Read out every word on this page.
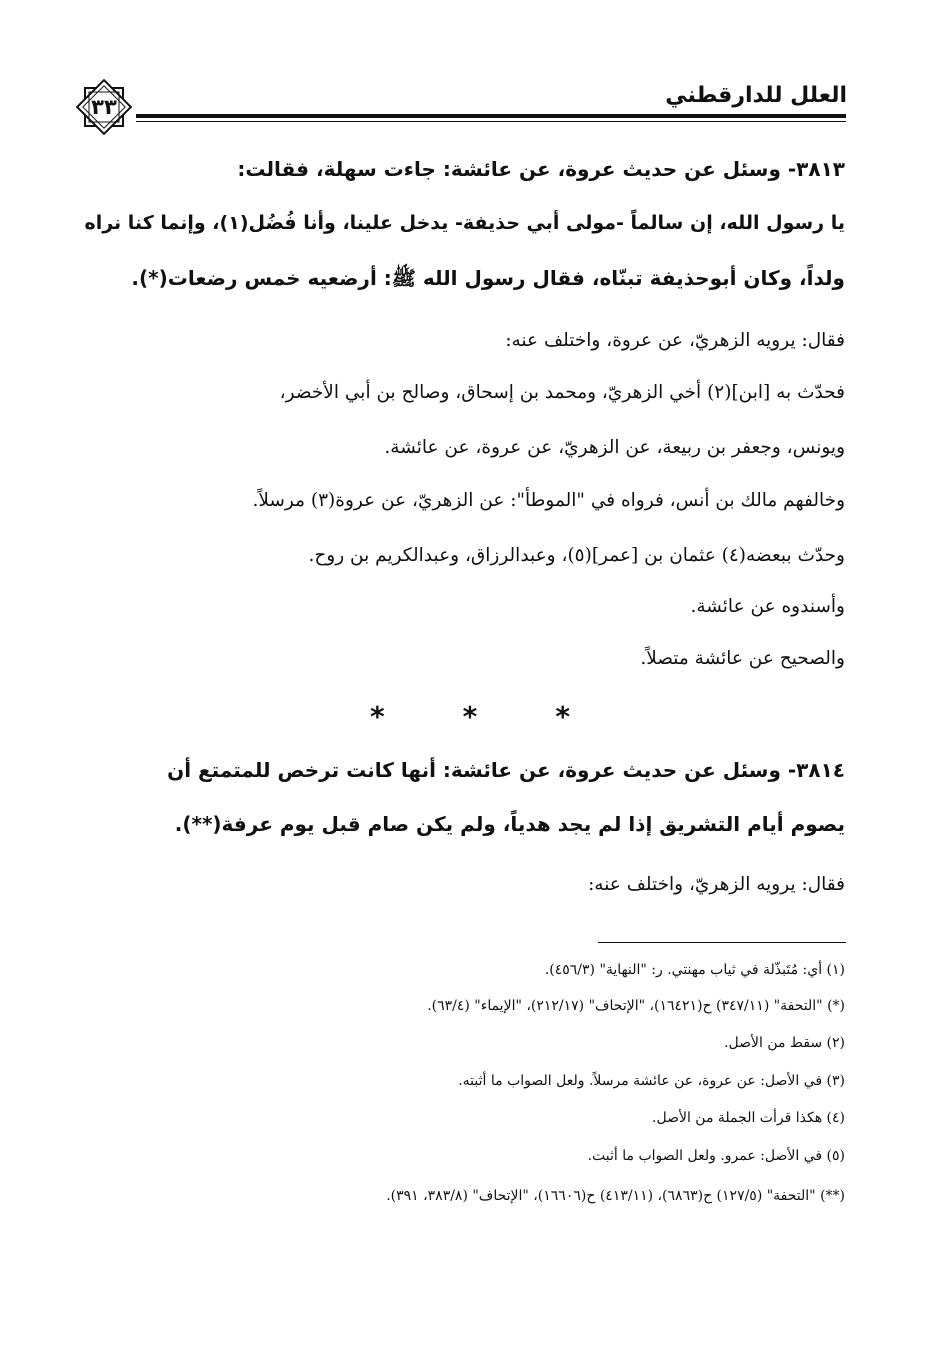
العلل للدارقطني
٣٣
٣٨١٣- وسئل عن حديث عروة، عن عائشة: جاءت سهلة، فقالت:
يا رسول الله، إن سالماً -مولى أبي حذيفة- يدخل علينا، وأنا فُضُل(١)، وإنما كنا نراه
ولداً، وكان أبوحذيفة تبنّاه، فقال رسول الله ﷺ: أرضعيه خمس رضعات(*).
فقال: يرويه الزهريّ، عن عروة، واختلف عنه:
فحدّث به [ابن](٢) أخي الزهريّ، ومحمد بن إسحاق، وصالح بن أبي الأخضر،
ويونس، وجعفر بن ربيعة، عن الزهريّ، عن عروة، عن عائشة.
وخالفهم مالك بن أنس، فرواه في "الموطأ": عن الزهريّ، عن عروة(٣) مرسلاً.
وحدّث ببعضه(٤) عثمان بن [عمر](٥)، وعبدالرزاق، وعبدالكريم بن روح.
وأسندوه عن عائشة.
والصحيح عن عائشة متصلاً.
*	*	*
٣٨١٤- وسئل عن حديث عروة، عن عائشة: أنها كانت ترخص للمتمتع أن
يصوم أيام التشريق إذا لم يجد هدياً، ولم يكن صام قبل يوم عرفة(**).
فقال: يرويه الزهريّ، واختلف عنه:
(١) أي: مُتَبذّلة في ثياب مهنتي. ر: "النهاية" (٤٥٦/٣).
(*) "التحفة" (٣٤٧/١١) ح(١٦٤٢١)، "الإتحاف" (٢١٢/١٧)، "الإيماء" (٦٣/٤).
(٢) سقط من الأصل.
(٣) في الأصل: عن عروة، عن عائشة مرسلاً. ولعل الصواب ما أثبته.
(٤) هكذا قرأت الجملة من الأصل.
(٥) في الأصل: عمرو. ولعل الصواب ما أثبت.
(**) "التحفة" (١٢٧/٥) ح(٦٨٦٣)، (٤١٣/١١) ح(١٦٦٠٦)، "الإتحاف" (٣٨٣/٨، ٣٩١).
